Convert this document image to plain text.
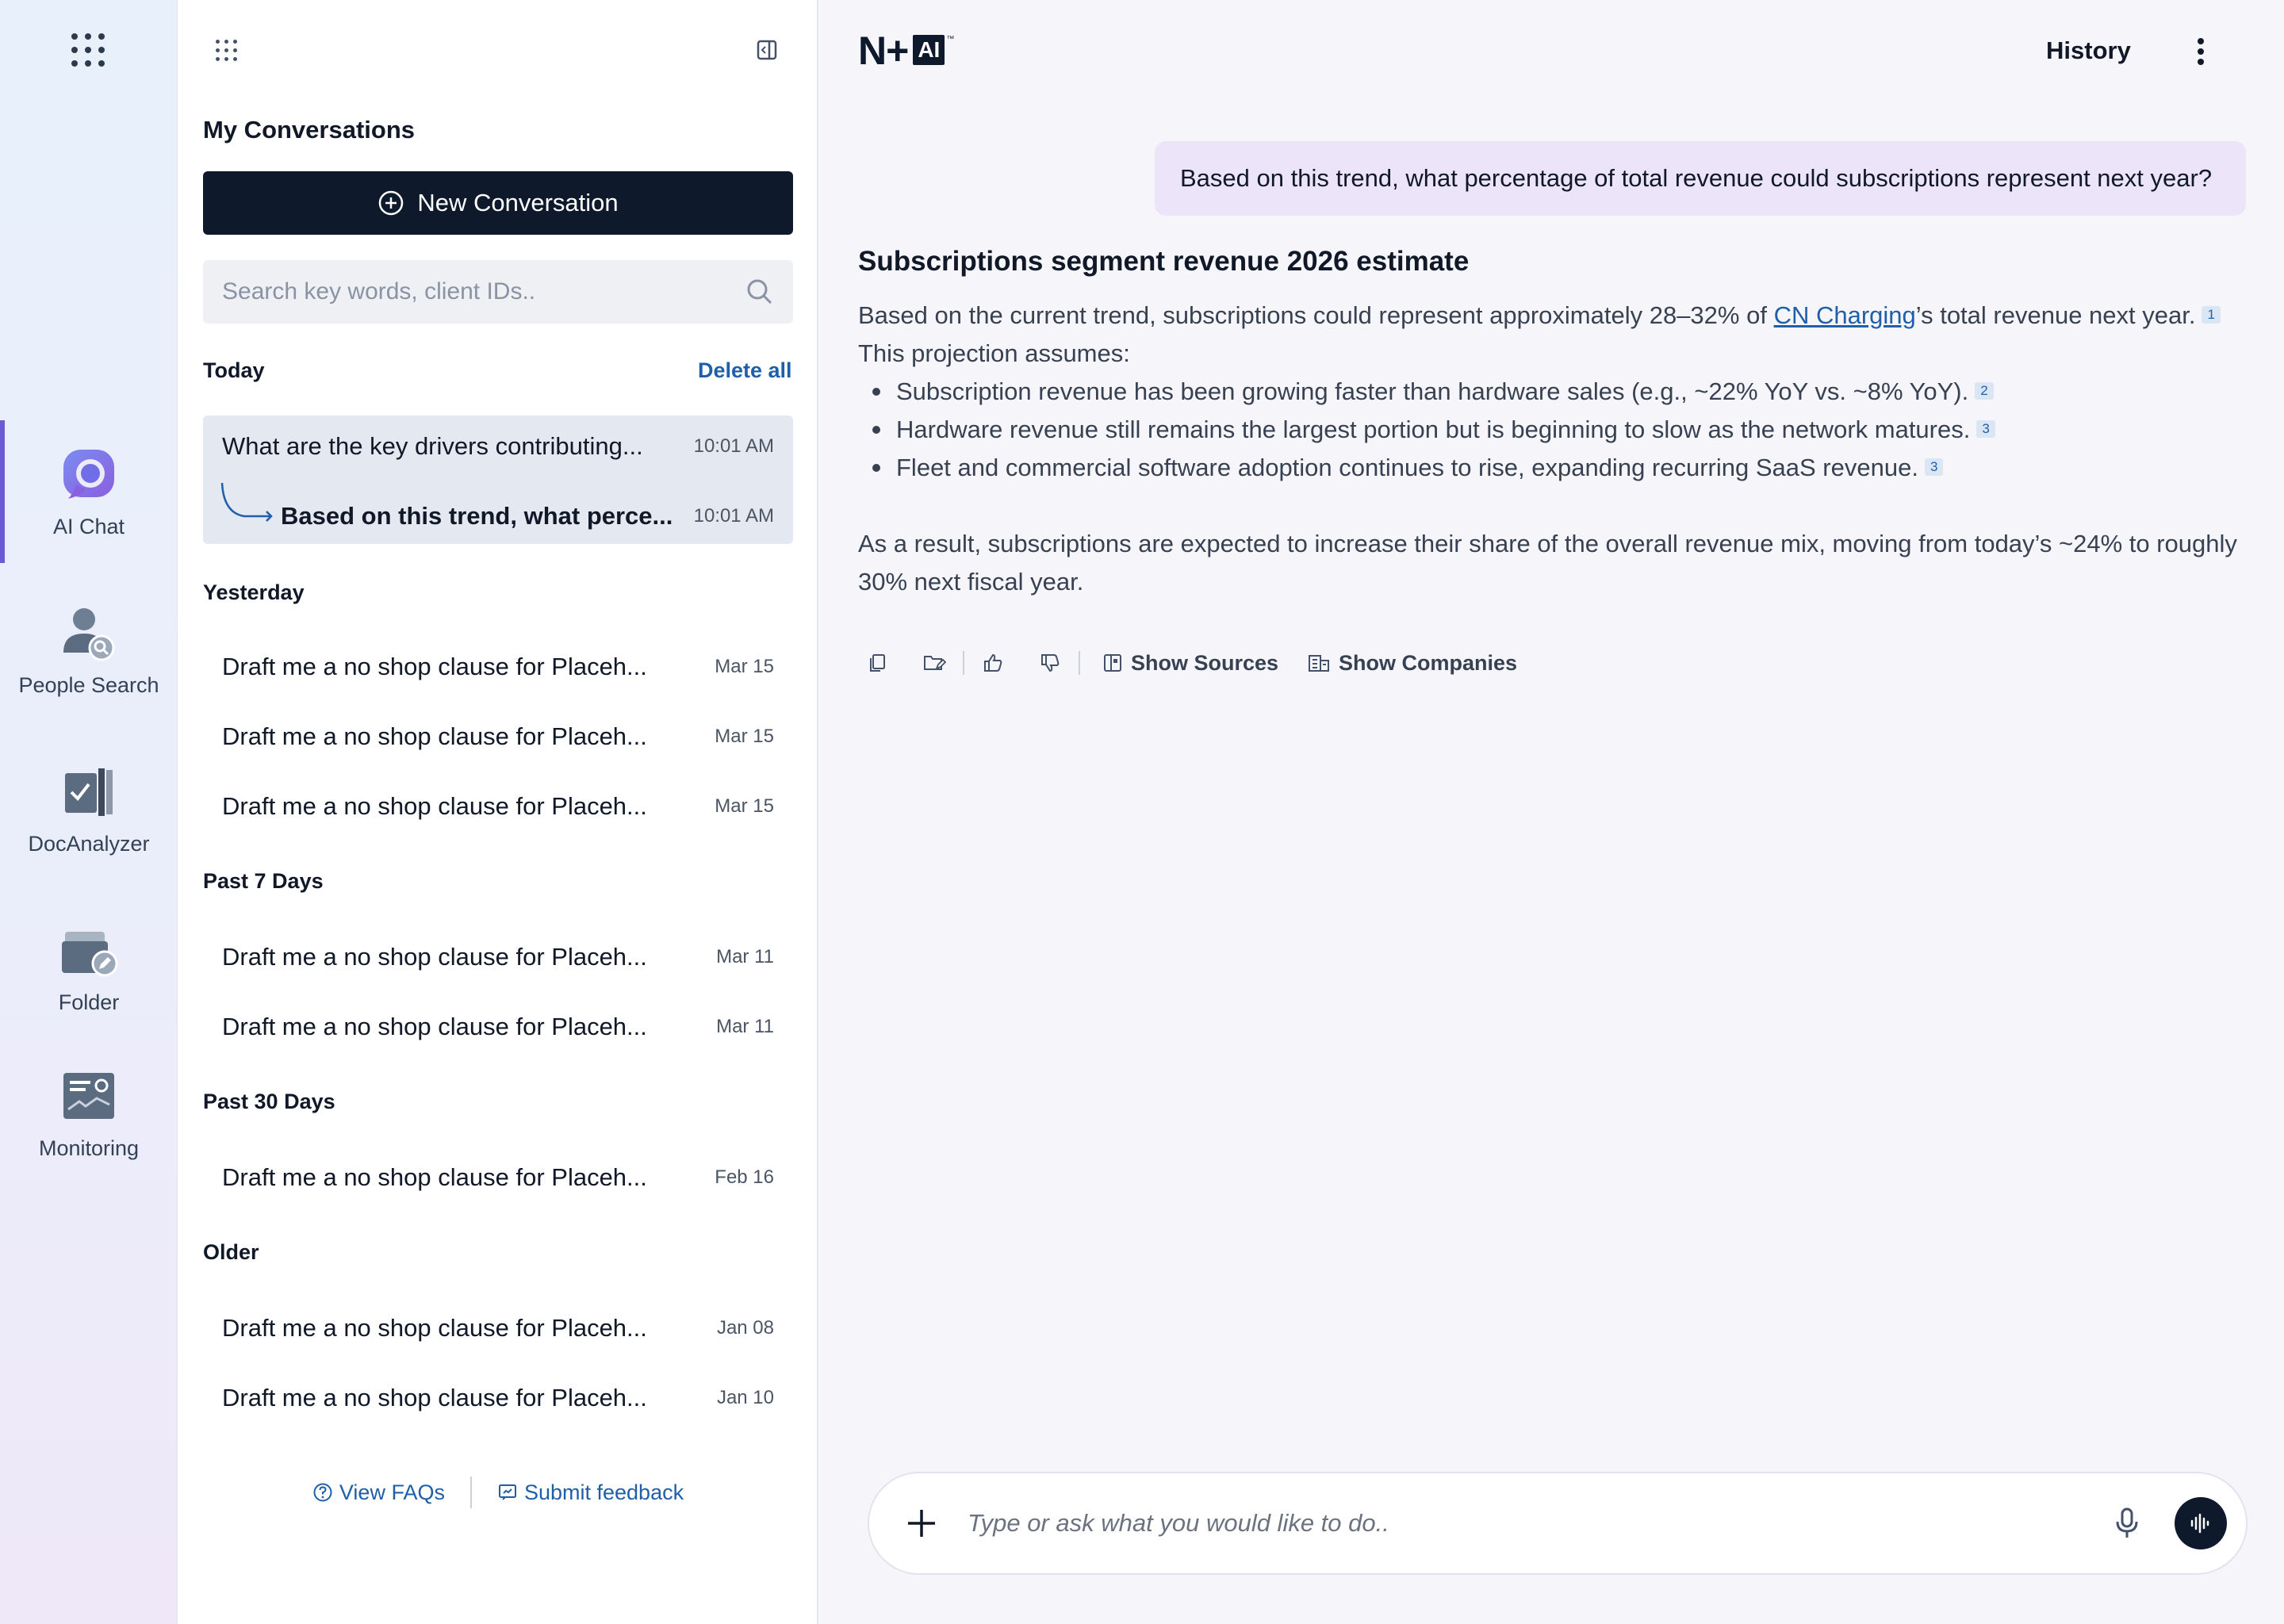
AI Chat
People Search
DocAnalyzer
Folder
Monitoring
My Conversations
New Conversation
Search key words, client IDs..
Today	Delete all
What are the key drivers contributing...	10:01 AM
Based on this trend, what perce... 10:01 AM
Yesterday
Draft me a no shop clause for Placeh...	Mar 15
Draft me a no shop clause for Placeh...	Mar 15
Draft me a no shop clause for Placeh...	Mar 15
Past 7 Days
Draft me a no shop clause for Placeh...	Mar 11
Draft me a no shop clause for Placeh...	Mar 11
Past 30 Days
Draft me a no shop clause for Placeh...	Feb 16
Older
Draft me a no shop clause for Placeh...	Jan 08
Draft me a no shop clause for Placeh...	Jan 10
View FAQs	Submit feedback
N+ AI ™	History
Based on this trend, what percentage of total revenue could subscriptions represent next year?
Subscriptions segment revenue 2026 estimate

Based on the current trend, subscriptions could represent approximately 28–32% of CN Charging’s total revenue next year. 1

This projection assumes:

Subscription revenue has been growing faster than hardware sales (e.g., ~22% YoY vs. ~8% YoY). 2
Hardware revenue still remains the largest portion but is beginning to slow as the network matures. 3
Fleet and commercial software adoption continues to rise, expanding recurring SaaS revenue. 3

As a result, subscriptions are expected to increase their share of the overall revenue mix, moving from today’s ~24% to roughly 30% next fiscal year.

Show Sources	Show Companies
Type or ask what you would like to do..
